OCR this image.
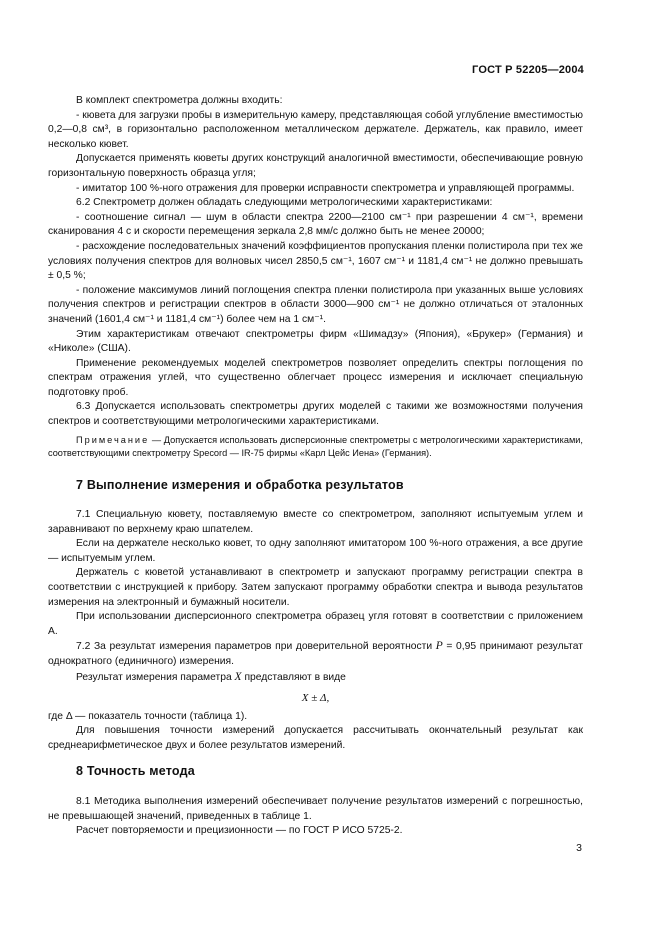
ГОСТ Р 52205—2004

В комплект спектрометра должны входить:

- кювета для загрузки пробы в измерительную камеру, представляющая собой углубление вместимостью 0,2—0,8 см³, в горизонтально расположенном металлическом держателе. Держатель, как правило, имеет несколько кювет.

Допускается применять кюветы других конструкций аналогичной вместимости, обеспечивающие ровную горизонтальную поверхность образца угля;

- имитатор 100 %-ного отражения для проверки исправности спектрометра и управляющей программы.

6.2 Спектрометр должен обладать следующими метрологическими характеристиками:

- соотношение сигнал — шум в области спектра 2200—2100 см⁻¹ при разрешении 4 см⁻¹, времени сканирования 4 с и скорости перемещения зеркала 2,8 мм/с должно быть не менее 20000;

- расхождение последовательных значений коэффициентов пропускания пленки полистирола при тех же условиях получения спектров для волновых чисел 2850,5 см⁻¹, 1607 см⁻¹ и 1181,4 см⁻¹ не должно превышать ± 0,5 %;

- положение максимумов линий поглощения спектра пленки полистирола при указанных выше условиях получения спектров и регистрации спектров в области 3000—900 см⁻¹ не должно отличаться от эталонных значений (1601,4 см⁻¹ и 1181,4 см⁻¹) более чем на 1 см⁻¹.

Этим характеристикам отвечают спектрометры фирм «Шимадзу» (Япония), «Брукер» (Германия) и «Николе» (США).

Применение рекомендуемых моделей спектрометров позволяет определить спектры поглощения по спектрам отражения углей, что существенно облегчает процесс измерения и исключает специальную подготовку проб.

6.3 Допускается использовать спектрометры других моделей с такими же возможностями получения спектров и соответствующими метрологическими характеристиками.

Примечание — Допускается использовать дисперсионные спектрометры с метрологическими характеристиками, соответствующими спектрометру Specord — IR-75 фирмы «Карл Цейс Иена» (Германия).

7 Выполнение измерения и обработка результатов

7.1 Специальную кювету, поставляемую вместе со спектрометром, заполняют испытуемым углем и заравнивают по верхнему краю шпателем.

Если на держателе несколько кювет, то одну заполняют имитатором 100 %-ного отражения, а все другие — испытуемым углем.

Держатель с кюветой устанавливают в спектрометр и запускают программу регистрации спектра в соответствии с инструкцией к прибору. Затем запускают программу обработки спектра и вывода результатов измерения на электронный и бумажный носители.

При использовании дисперсионного спектрометра образец угля готовят в соответствии с приложением А.

7.2 За результат измерения параметров при доверительной вероятности P = 0,95 принимают результат однократного (единичного) измерения.

Результат измерения параметра X представляют в виде

X ± Δ,

где Δ — показатель точности (таблица 1).

Для повышения точности измерений допускается рассчитывать окончательный результат как среднеарифметическое двух и более результатов измерений.

8 Точность метода

8.1 Методика выполнения измерений обеспечивает получение результатов измерений с погрешностью, не превышающей значений, приведенных в таблице 1.

Расчет повторяемости и прецизионности — по ГОСТ Р ИСО 5725-2.

3
